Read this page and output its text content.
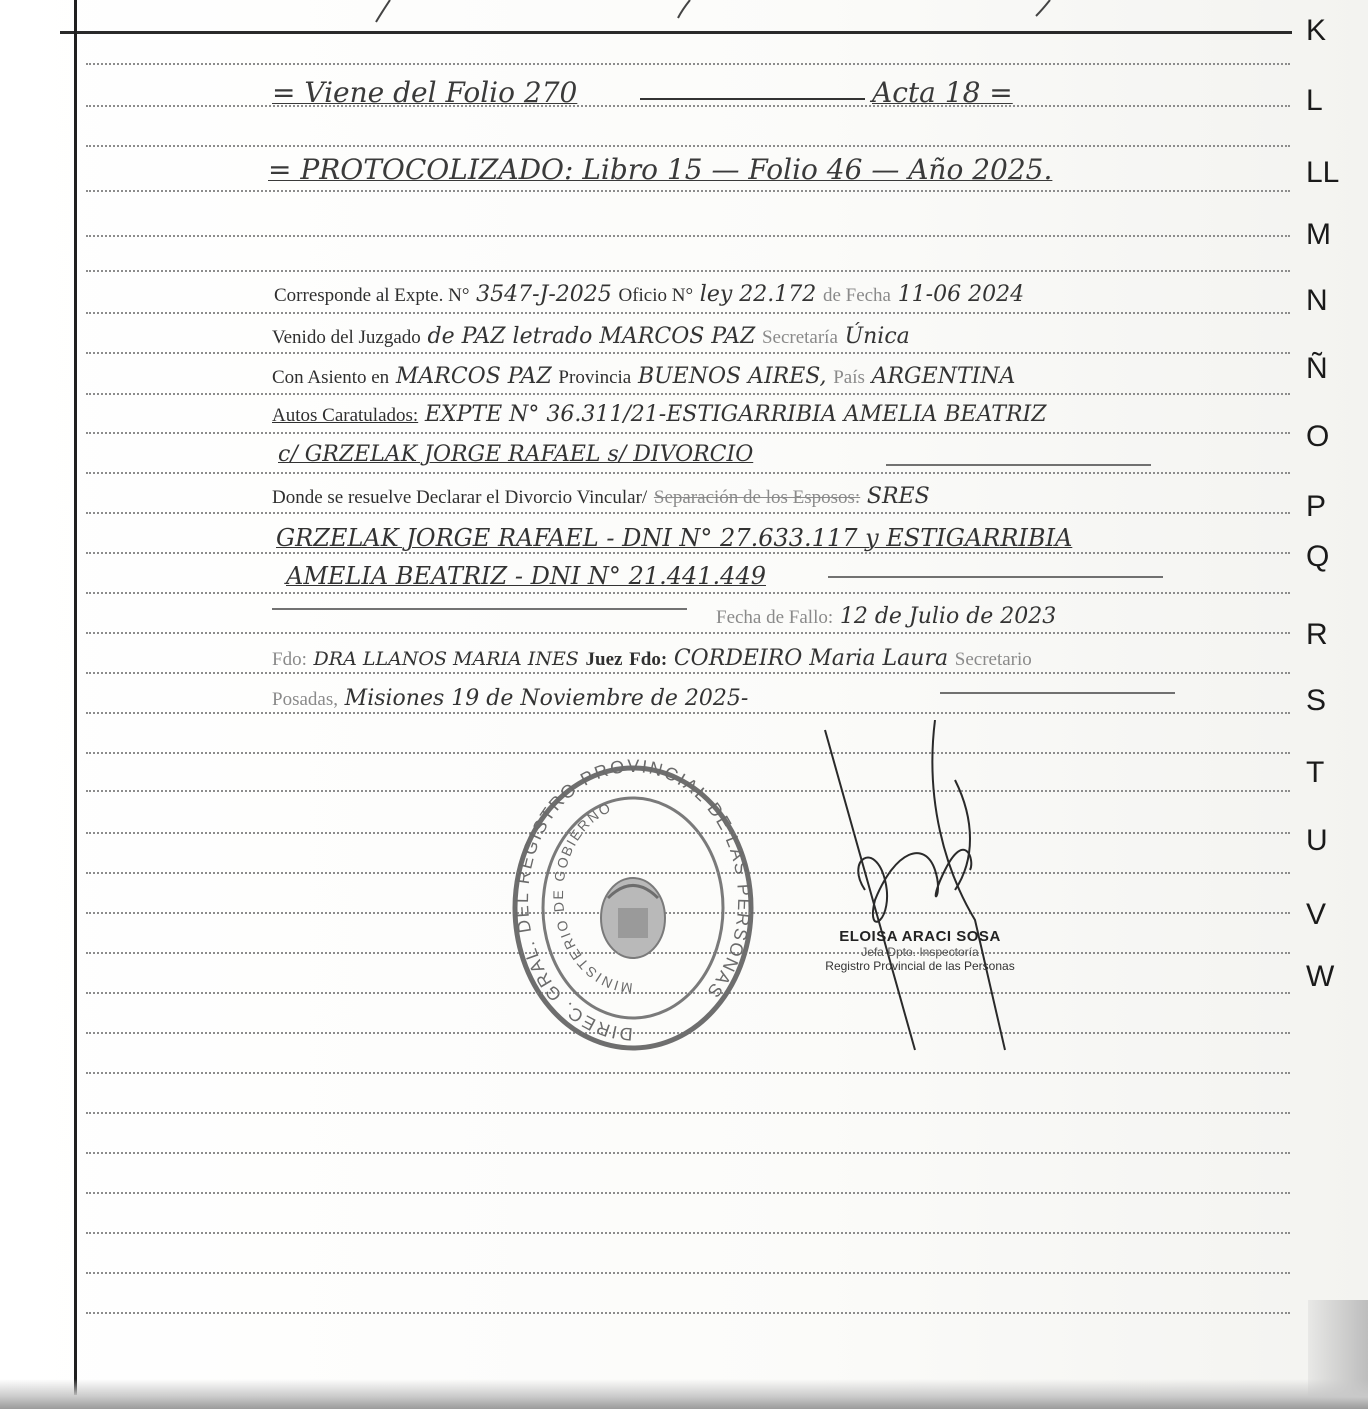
K
L
LL
M
N
Ñ
O
P
Q
R
S
T
U
V
W
= Viene del Folio 270	Acta 18 =
= PROTOCOLIZADO: Libro 15 — Folio 46 — Año 2025.
Corresponde al Expte. N° 3547-J-2025 Oficio N° ley 22.172 de Fecha 11-06 2024
Venido del Juzgado de PAZ letrado MARCOS PAZ Secretaría Única
Con Asiento en MARCOS PAZ Provincia BUENOS AIRES, País ARGENTINA
Autos Caratulados: EXPTE N° 36.311/21-ESTIGARRIBIA AMELIA BEATRIZ
c/ GRZELAK JORGE RAFAEL s/ DIVORCIO
Donde se resuelve Declarar el Divorcio Vincular/ Separación de los Esposos: SRES
GRZELAK JORGE RAFAEL - DNI N° 27.633.117 y ESTIGARRIBIA
AMELIA BEATRIZ - DNI N° 21.441.449
Fecha de Fallo: 12 de Julio de 2023
Fdo: DRA LLANOS MARIA INES Juez Fdo: CORDEIRO Maria Laura Secretario
Posadas, Misiones 19 de Noviembre de 2025-
DIREC. GRAL. DEL REGISTRO PROVINCIAL DE LAS PERSONAS
MINISTERIO DE GOBIERNO
ELOISA ARACI SOSA
Jefa Dpto. Inspectoría
Registro Provincial de las Personas
